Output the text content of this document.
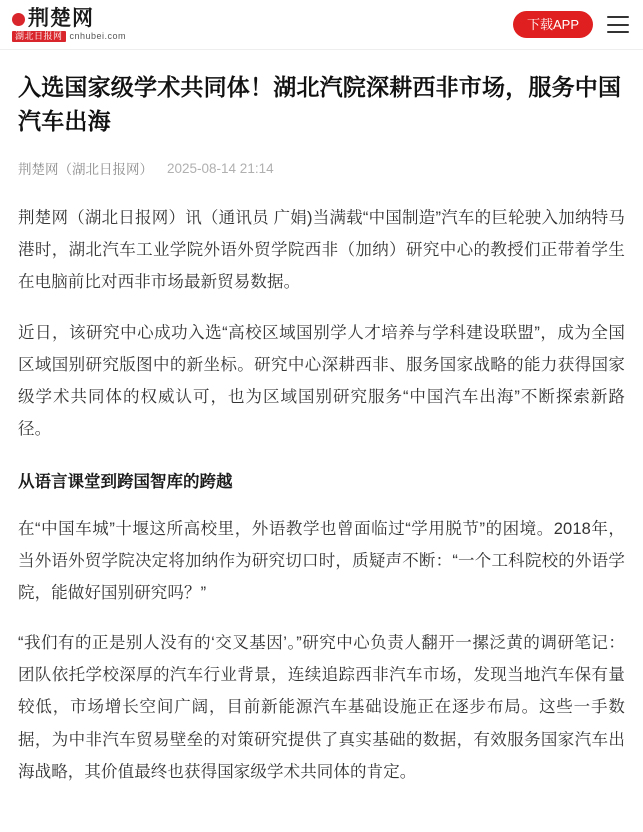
荆楚网
湖北日报网 cnhubei.com
下载APP
入选国家级学术共同体！湖北汽院深耕西非市场，服务中国汽车出海
荆楚网（湖北日报网） 2025-08-14 21:14

荆楚网（湖北日报网）讯（通讯员 广娟)当满载“中国制造”汽车的巨轮驶入加纳特马港时，湖北汽车工业学院外语外贸学院西非（加纳）研究中心的教授们正带着学生在电脑前比对西非市场最新贸易数据。

近日，该研究中心成功入选“高校区域国别学人才培养与学科建设联盟”，成为全国区域国别研究版图中的新坐标。研究中心深耕西非、服务国家战略的能力获得国家级学术共同体的权威认可，也为区域国别研究服务“中国汽车出海”不断探索新路径。

从语言课堂到跨国智库的跨越

在“中国车城”十堰这所高校里，外语教学也曾面临过“学用脱节”的困境。2018年，当外语外贸学院决定将加纳作为研究切口时，质疑声不断：“一个工科院校的外语学院，能做好国别研究吗？”

“我们有的正是别人没有的‘交叉基因’。”研究中心负责人翻开一摞泛黄的调研笔记：团队依托学校深厚的汽车行业背景，连续追踪西非汽车市场，发现当地汽车保有量较低，市场增长空间广阔，目前新能源汽车基础设施正在逐步布局。这些一手数据，为中非汽车贸易壁垒的对策研究提供了真实基础的数据，有效服务国家汽车出海战略，其价值最终也获得国家级学术共同体的肯定。
